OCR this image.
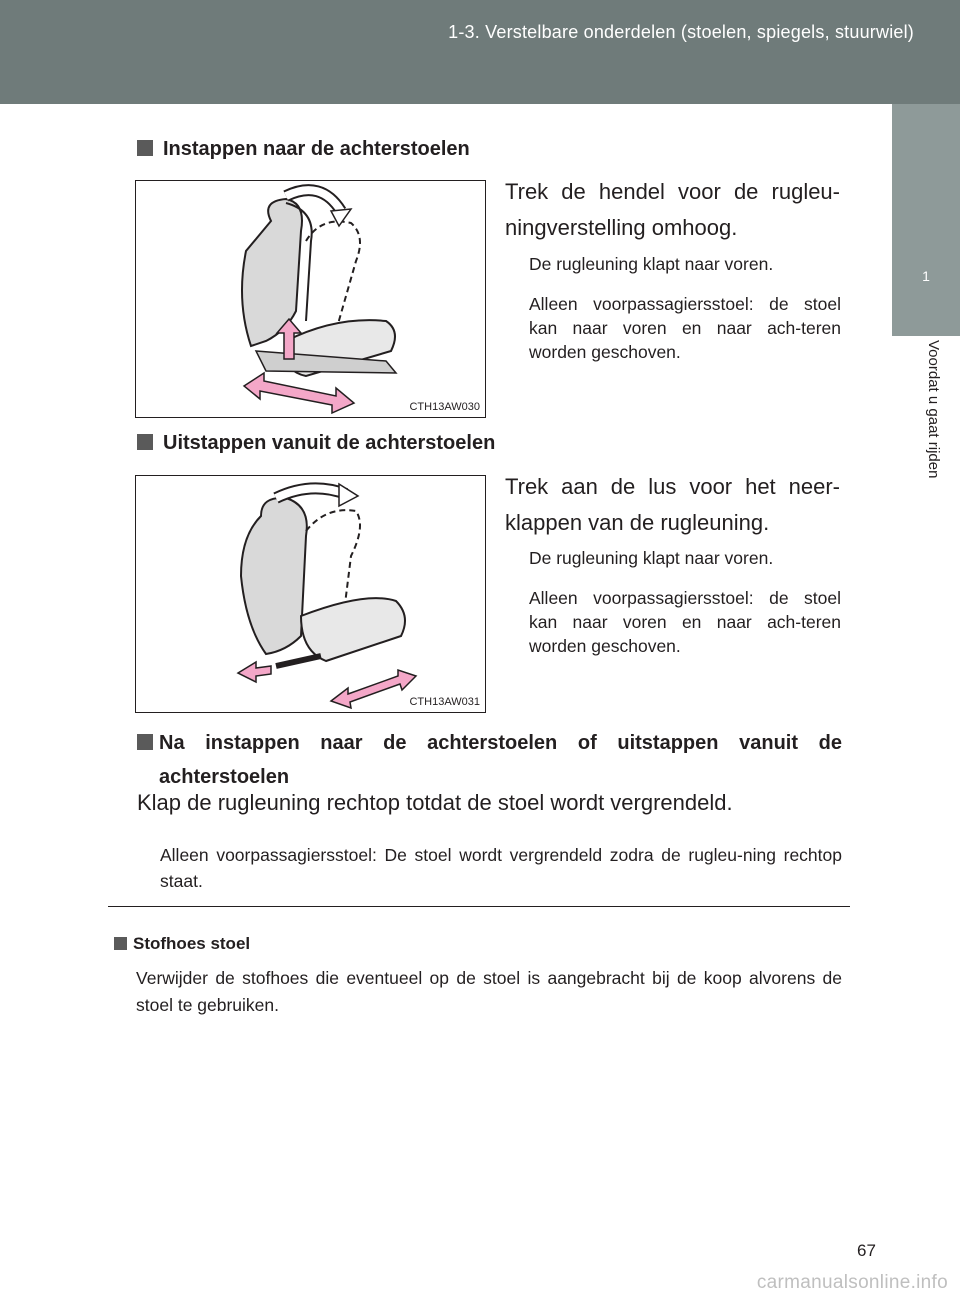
1-3. Verstelbare onderdelen (stoelen, spiegels, stuurwiel)
1
Voordat u gaat rijden
Instappen naar de achterstoelen
CTH13AW030
Trek de hendel voor de rugleu-ningverstelling omhoog.

De rugleuning klapt naar voren.

Alleen voorpassagiersstoel: de stoel kan naar voren en naar ach-teren worden geschoven.

Uitstappen vanuit de achterstoelen
CTH13AW031
Trek aan de lus voor het neer-klappen van de rugleuning.

De rugleuning klapt naar voren.

Alleen voorpassagiersstoel: de stoel kan naar voren en naar ach-teren worden geschoven.

Na instappen naar de achterstoelen of uitstappen vanuit de achterstoelen
Klap de rugleuning rechtop totdat de stoel wordt vergrendeld.
Alleen voorpassagiersstoel: De stoel wordt vergrendeld zodra de rugleu-ning rechtop staat.
Stofhoes stoel
Verwijder de stofhoes die eventueel op de stoel is aangebracht bij de koop alvorens de stoel te gebruiken.
67
carmanualsonline.info
